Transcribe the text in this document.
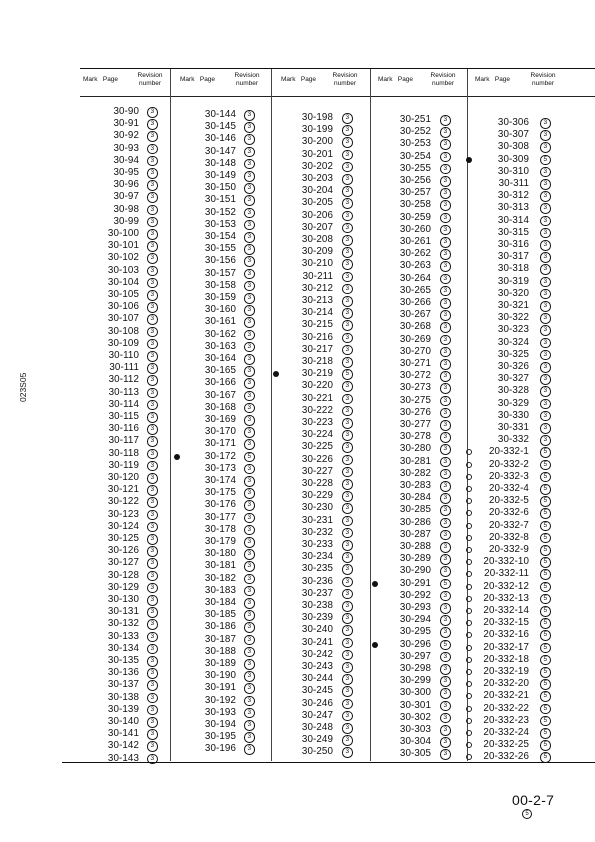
Mark   Page
Revision number
Mark   Page
Revision number
Mark   Page
Revision number
Mark   Page
Revision number
Mark   Page
Revision number
30-90	3
30-91	3
30-92	3
30-93	3
30-94	3
30-95	3
30-96	3
30-97	3
30-98	3
30-99	3
30-100	3
30-101	3
30-102	3
30-103	3
30-104	3
30-105	3
30-106	3
30-107	3
30-108	3
30-109	3
30-110	3
30-111	3
30-112	3
30-113	3
30-114	3
30-115	3
30-116	3
30-117	3
30-118	3
30-119	3
30-120	3
30-121	3
30-122	3
30-123	3
30-124	3
30-125	3
30-126	3
30-127	3
30-128	3
30-129	3
30-130	3
30-131	3
30-132	3
30-133	3
30-134	3
30-135	3
30-136	3
30-137	3
30-138	3
30-139	3
30-140	3
30-141	3
30-142	3
30-143	3
30-144	3
30-145	3
30-146	3
30-147	3
30-148	3
30-149	3
30-150	3
30-151	3
30-152	3
30-153	3
30-154	3
30-155	3
30-156	3
30-157	3
30-158	3
30-159	3
30-160	3
30-161	3
30-162	3
30-163	3
30-164	3
30-165	3
30-166	3
30-167	3
30-168	3
30-169	3
30-170	3
30-171	3
30-172	5
30-173	3
30-174	3
30-175	3
30-176	3
30-177	3
30-178	3
30-179	3
30-180	3
30-181	3
30-182	3
30-183	3
30-184	3
30-185	3
30-186	3
30-187	3
30-188	3
30-189	3
30-190	3
30-191	3
30-192	3
30-193	3
30-194	3
30-195	3
30-196	3
30-198	3
30-199	3
30-200	3
30-201	3
30-202	3
30-203	3
30-204	3
30-205	3
30-206	3
30-207	3
30-208	3
30-209	3
30-210	3
30-211	3
30-212	3
30-213	3
30-214	3
30-215	3
30-216	3
30-217	3
30-218	3
30-219	5
30-220	3
30-221	3
30-222	3
30-223	3
30-224	3
30-225	3
30-226	3
30-227	3
30-228	3
30-229	3
30-230	3
30-231	3
30-232	3
30-233	3
30-234	3
30-235	3
30-236	3
30-237	3
30-238	3
30-239	3
30-240	3
30-241	3
30-242	3
30-243	3
30-244	3
30-245	3
30-246	3
30-247	3
30-248	3
30-249	3
30-250	3
30-251	3
30-252	3
30-253	3
30-254	3
30-255	3
30-256	3
30-257	3
30-258	3
30-259	3
30-260	3
30-261	3
30-262	3
30-263	3
30-264	3
30-265	3
30-266	3
30-267	3
30-268	3
30-269	3
30-270	3
30-271	3
30-272	3
30-273	3
30-275	3
30-276	3
30-277	3
30-278	3
30-280	3
30-281	3
30-282	3
30-283	3
30-284	3
30-285	3
30-286	3
30-287	3
30-288	3
30-289	3
30-290	3
30-291	5
30-292	3
30-293	3
30-294	3
30-295	3
30-296	5
30-297	3
30-298	3
30-299	3
30-300	3
30-301	3
30-302	3
30-303	3
30-304	3
30-305	3
30-306	3
30-307	3
30-308	3
30-309	5
30-310	3
30-311	3
30-312	3
30-313	3
30-314	3
30-315	3
30-316	3
30-317	3
30-318	3
30-319	3
30-320	3
30-321	3
30-322	3
30-323	3
30-324	3
30-325	3
30-326	3
30-327	3
30-328	3
30-329	3
30-330	3
30-331	3
30-332	3
20-332-1	5
20-332-2	5
20-332-3	5
20-332-4	5
20-332-5	5
20-332-6	5
20-332-7	5
20-332-8	5
20-332-9	5
20-332-10	5
20-332-11	5
20-332-12	5
20-332-13	5
20-332-14	5
20-332-15	5
20-332-16	5
20-332-17	5
20-332-18	5
20-332-19	5
20-332-20	5
20-332-21	5
20-332-22	5
20-332-23	5
20-332-24	5
20-332-25	5
20-332-26	5
023S05
00-2-7
5
